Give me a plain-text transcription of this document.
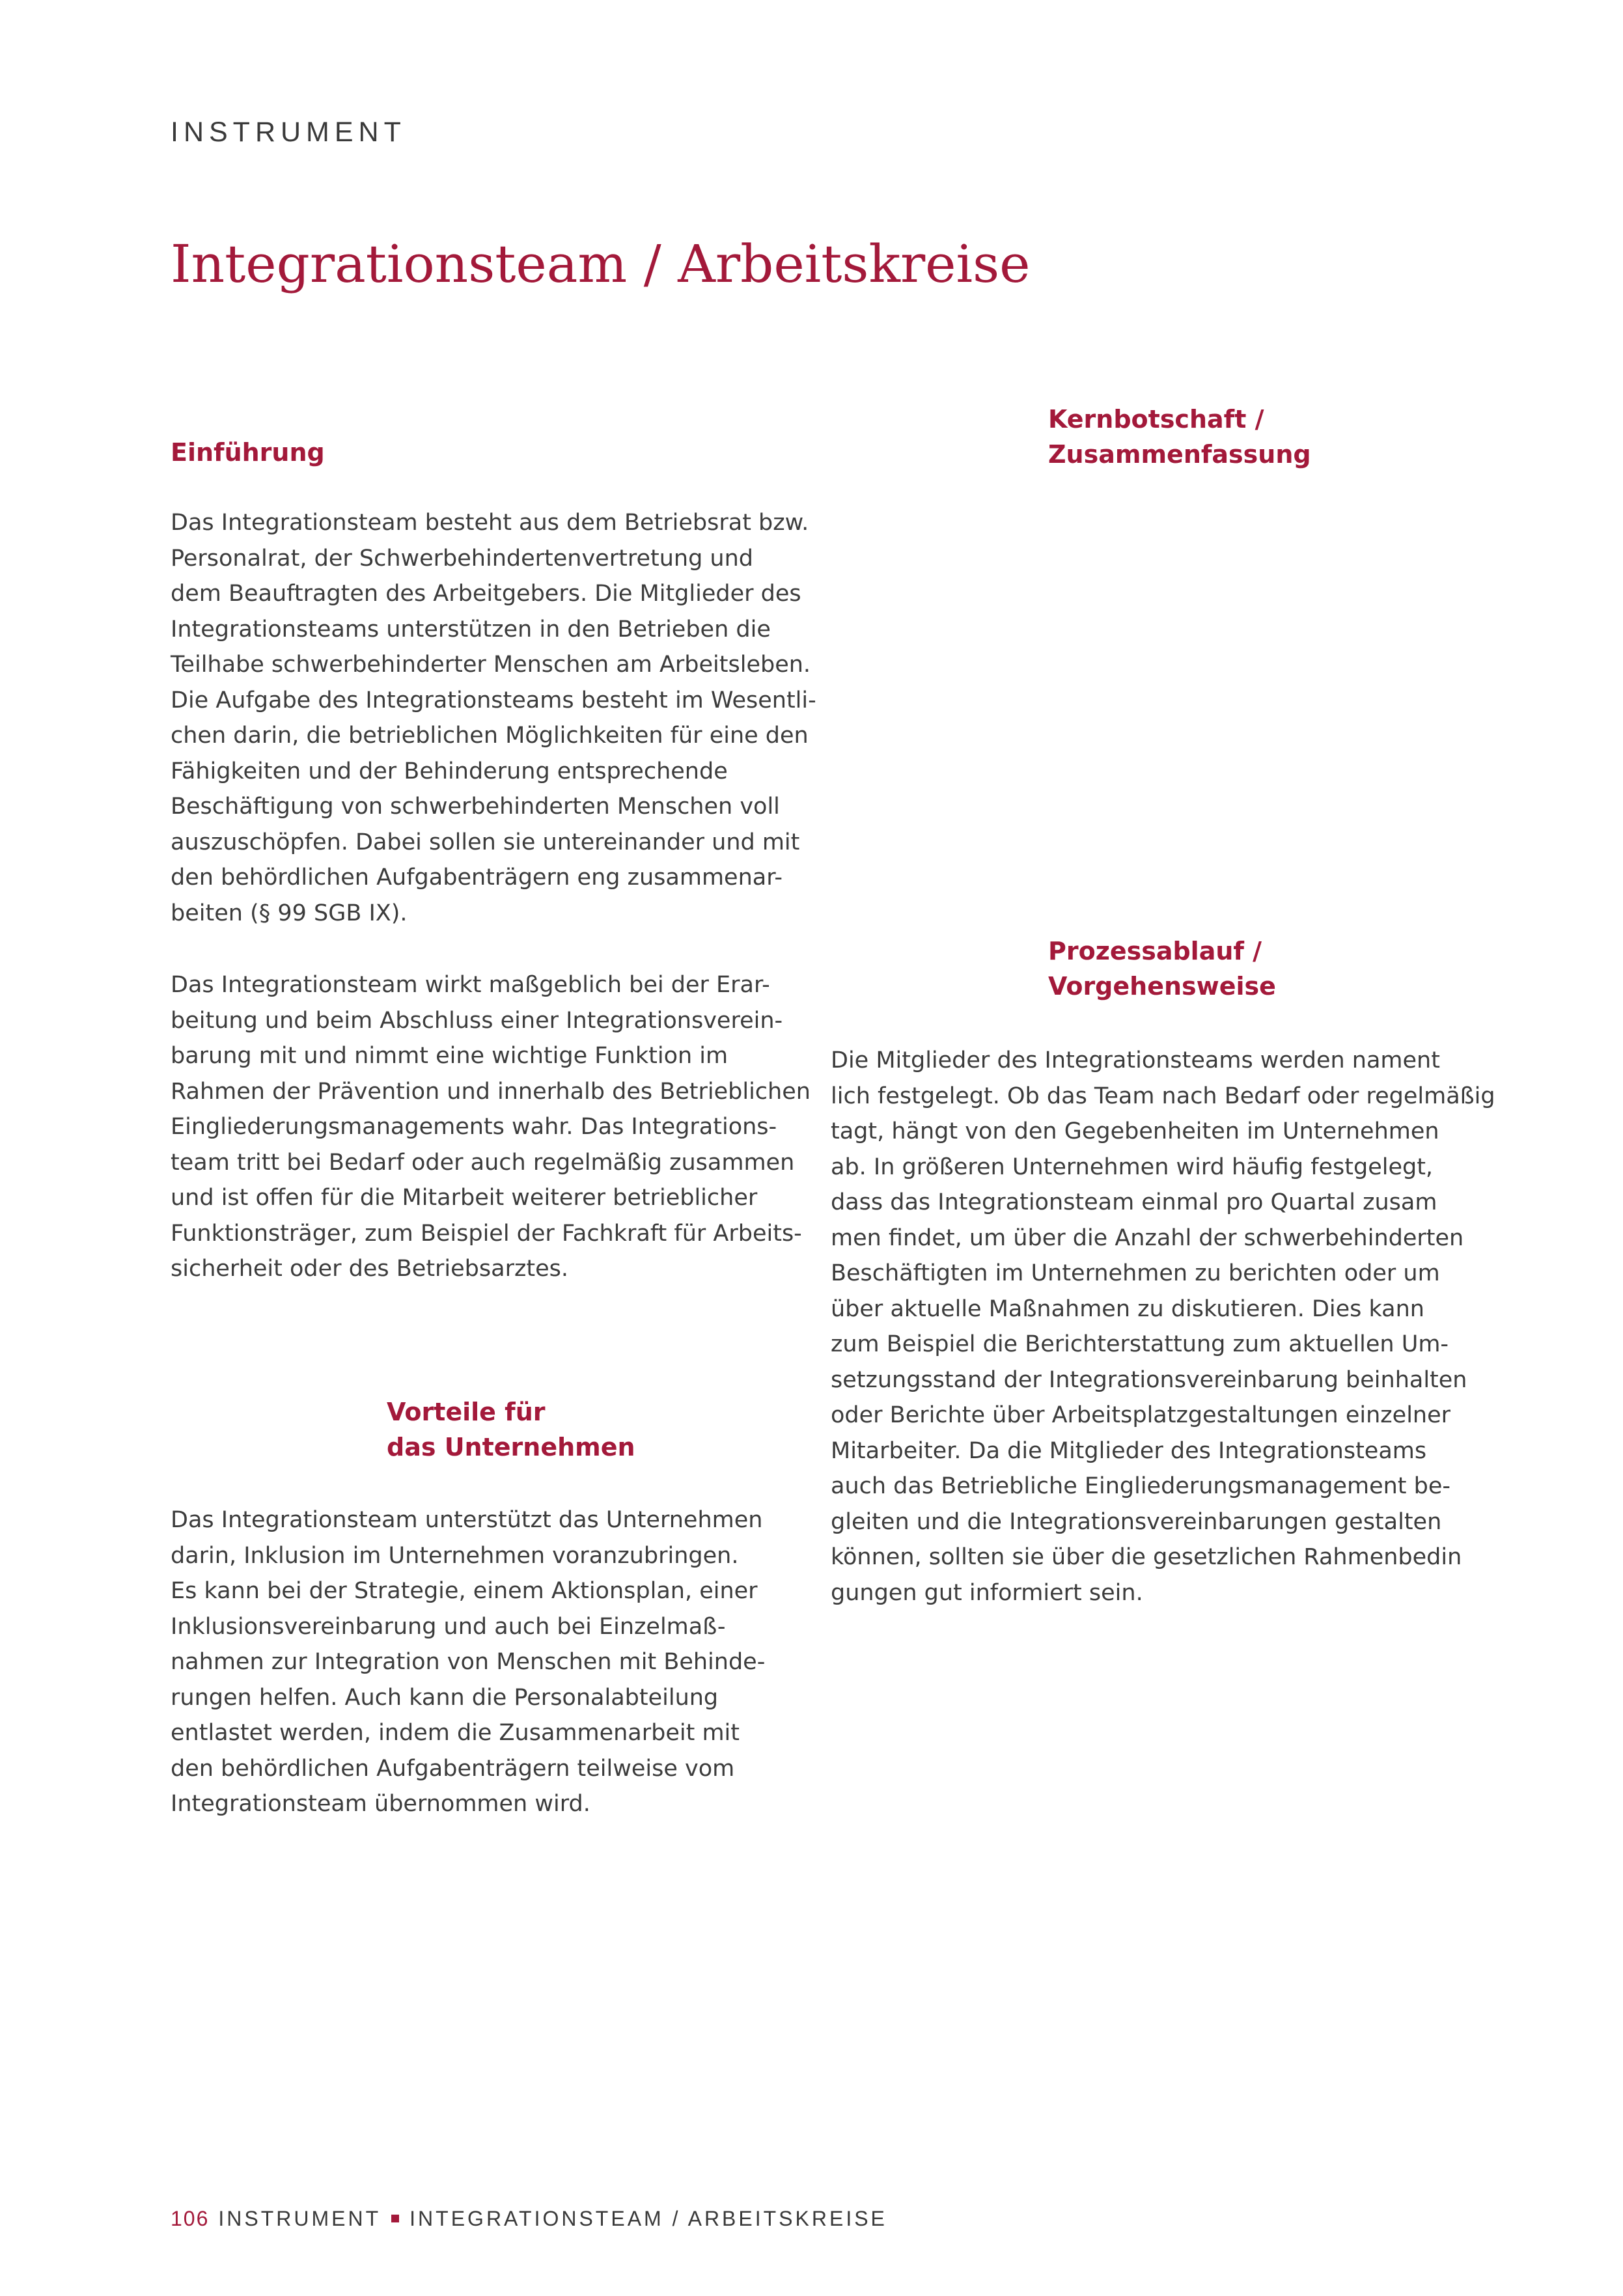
INSTRUMENT
Integrationsteam / Arbeitskreise
Einführung
Das Integrationsteam besteht aus dem Betriebsrat bzw.
Personalrat, der Schwerbehindertenvertretung und
dem Beauftragten des Arbeitgebers. Die Mitglieder des
Integrationsteams unterstützen in den Betrieben die
Teilhabe schwerbehinderter Menschen am Arbeitsleben.
Die Aufgabe des Integrationsteams besteht im Wesentli-
chen darin, die betrieblichen Möglichkeiten für eine den
Fähigkeiten und der Behinderung entsprechende
Beschäftigung von schwerbehinderten Menschen voll
auszuschöpfen. Dabei sollen sie untereinander und mit
den behördlichen Aufgabenträgern eng zusammenar-
beiten (§ 99 SGB IX).
Das Integrationsteam wirkt maßgeblich bei der Erar-
beitung und beim Abschluss einer Integrationsverein-
barung mit und nimmt eine wichtige Funktion im
Rahmen der Prävention und innerhalb des Betrieblichen
Eingliederungsmanagements wahr. Das Integrations-
team tritt bei Bedarf oder auch regelmäßig zusammen
und ist offen für die Mitarbeit weiterer betrieblicher
Funktionsträger, zum Beispiel der Fachkraft für Arbeits-
sicherheit oder des Betriebsarztes.
Vorteile für
das Unternehmen
Das Integrationsteam unterstützt das Unternehmen
darin, Inklusion im Unternehmen voranzubringen.
Es kann bei der Strategie, einem Aktionsplan, einer
Inklusionsvereinbarung und auch bei Einzelmaß-
nahmen zur Integration von Menschen mit Behinde-
rungen helfen. Auch kann die Personalabteilung
entlastet werden, indem die Zusammenarbeit mit
den behördlichen Aufgabenträgern teilweise vom
Integrationsteam übernommen wird.
Kernbotschaft /
Zusammenfassung
Prozessablauf /
Vorgehensweise
Die Mitglieder des Integrationsteams werden nament
lich festgelegt. Ob das Team nach Bedarf oder regelmäßig
tagt, hängt von den Gegebenheiten im Unternehmen
ab. In größeren Unternehmen wird häufig festgelegt,
dass das Integrationsteam einmal pro Quartal zusam
men findet, um über die Anzahl der schwerbehinderten
Beschäftigten im Unternehmen zu berichten oder um
über aktuelle Maßnahmen zu diskutieren. Dies kann
zum Beispiel die Berichterstattung zum aktuellen Um-
setzungsstand der Integrationsvereinbarung beinhalten
oder Berichte über Arbeitsplatzgestaltungen einzelner
Mitarbeiter. Da die Mitglieder des Integrationsteams
auch das Betriebliche Eingliederungsmanagement be-
gleiten und die Integrationsvereinbarungen gestalten
können, sollten sie über die gesetzlichen Rahmenbedin
gungen gut informiert sein.
106 INSTRUMENT INTEGRATIONSTEAM / ARBEITSKREISE
